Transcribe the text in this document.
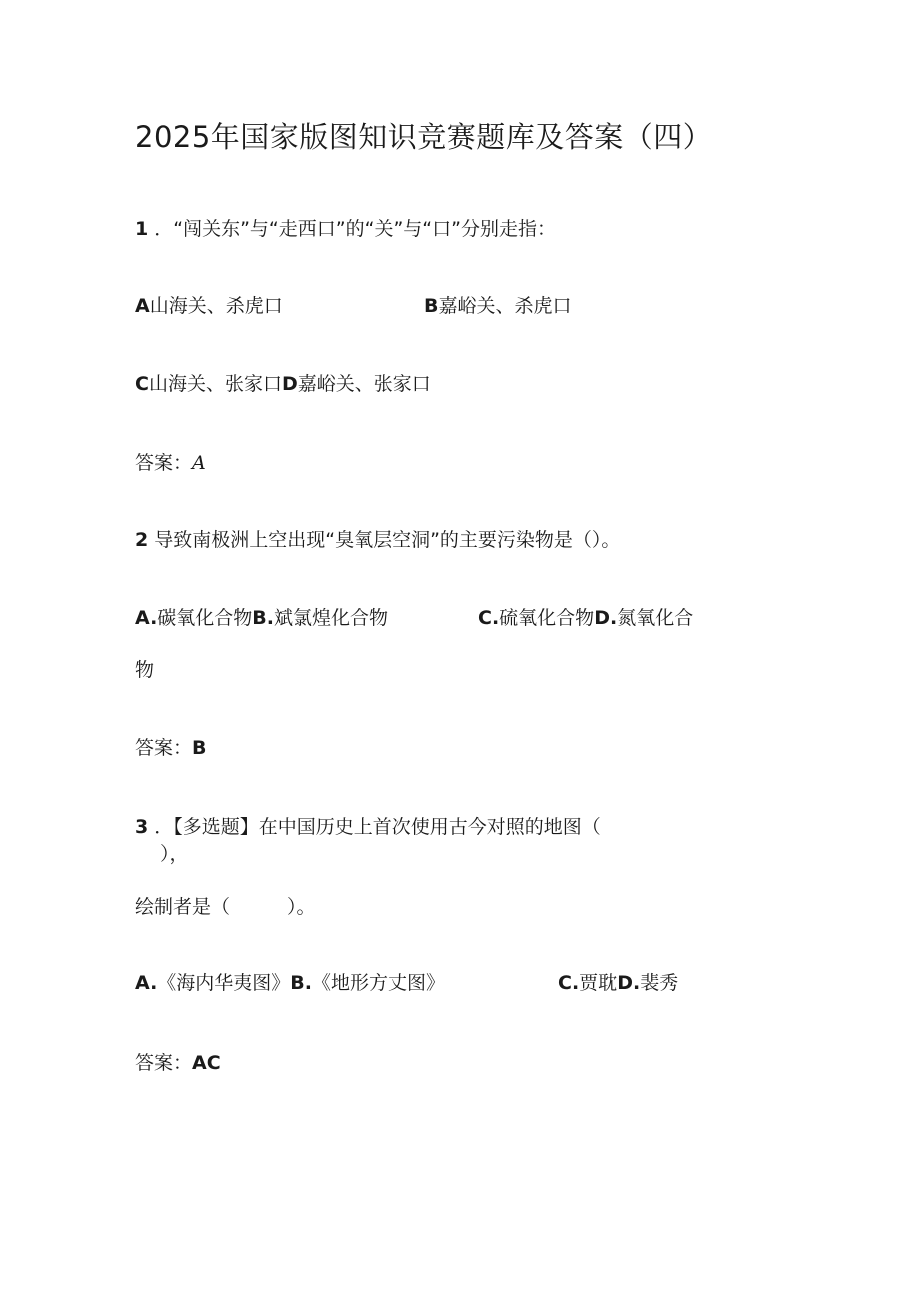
2025年国家版图知识竞赛题库及答案（四）
1 ．“闯关东”与“走西口”的“关”与“口”分别走指：
A山海关、杀虎口	B嘉峪关、杀虎口
C山海关、张家口D嘉峪关、张家口
答案：A
2 导致南极洲上空出现“臭氧层空洞”的主要污染物是（）。
A.碳氧化合物B.斌氯煌化合物	C.硫氧化合物D.氮氧化合
物
答案：B
3 ．【多选题】在中国历史上首次使用古今对照的地图（
），
绘制者是（　　　）。
A.《海内华夷图》B.《地形方丈图》	C.贾耽D.裴秀
答案：AC
